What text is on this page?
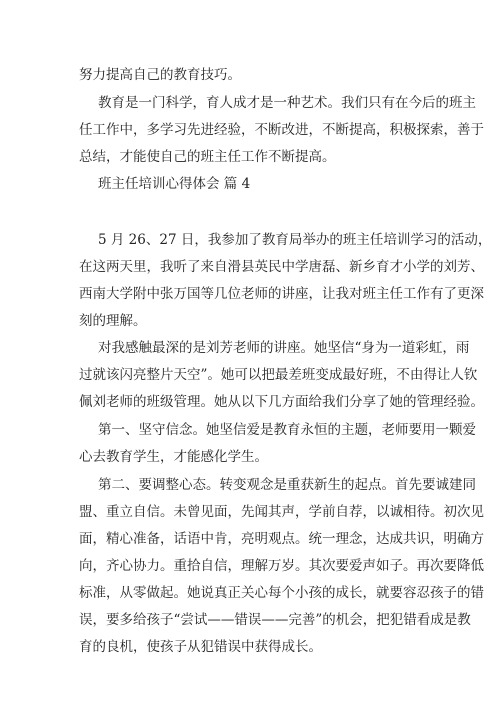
努力提高自己的教育技巧。
教育是一门科学，育人成才是一种艺术。我们只有在今后的班主
任工作中，多学习先进经验，不断改进，不断提高，积极探索，善于
总结，才能使自己的班主任工作不断提高。
班主任培训心得体会 篇 4
5 月 26、27 日，我参加了教育局举办的班主任培训学习的活动，
在这两天里，我听了来自滑县英民中学唐磊、新乡育才小学的刘芳、
西南大学附中张万国等几位老师的讲座，让我对班主任工作有了更深
刻的理解。
对我感触最深的是刘芳老师的讲座。她坚信“身为一道彩虹，雨
过就该闪亮整片天空”。她可以把最差班变成最好班，不由得让人钦
佩刘老师的班级管理。她从以下几方面给我们分享了她的管理经验。
第一、坚守信念。她坚信爱是教育永恒的主题，老师要用一颗爱
心去教育学生，才能感化学生。
第二、要调整心态。转变观念是重获新生的起点。首先要诚建同
盟、重立自信。未曾见面，先闻其声，学前自荐，以诚相待。初次见
面，精心准备，话语中肯，亮明观点。统一理念，达成共识，明确方
向，齐心协力。重拾自信，理解万岁。其次要爱声如子。再次要降低
标准，从零做起。她说真正关心每个小孩的成长，就要容忍孩子的错
误，要多给孩子“尝试——错误——完善”的机会，把犯错看成是教
育的良机，使孩子从犯错误中获得成长。
